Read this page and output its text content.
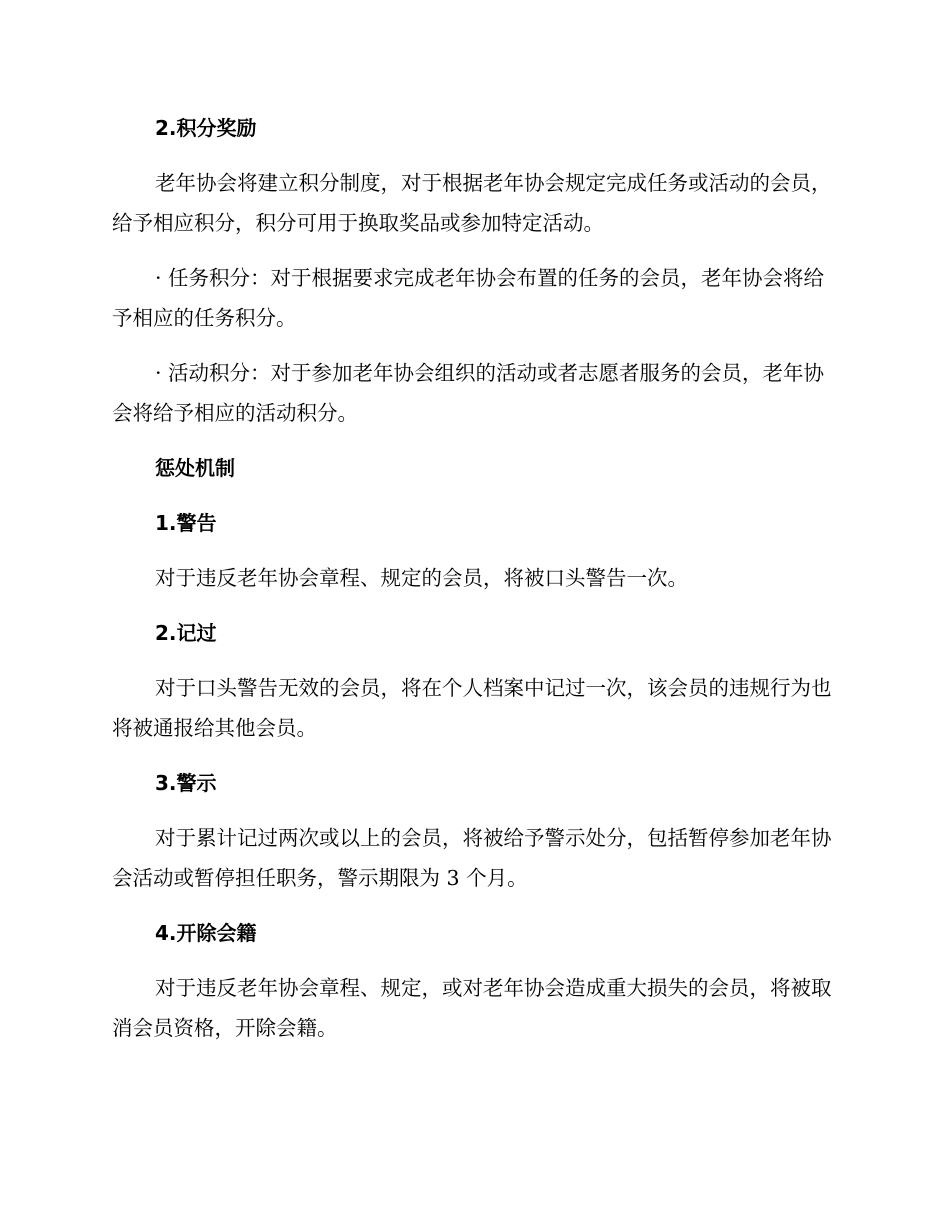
2.积分奖励

老年协会将建立积分制度，对于根据老年协会规定完成任务或活动的会员，给予相应积分，积分可用于换取奖品或参加特定活动。

· 任务积分：对于根据要求完成老年协会布置的任务的会员，老年协会将给予相应的任务积分。

· 活动积分：对于参加老年协会组织的活动或者志愿者服务的会员，老年协会将给予相应的活动积分。

惩处机制
1.警告

对于违反老年协会章程、规定的会员，将被口头警告一次。

2.记过

对于口头警告无效的会员，将在个人档案中记过一次，该会员的违规行为也将被通报给其他会员。

3.警示

对于累计记过两次或以上的会员，将被给予警示处分，包括暂停参加老年协会活动或暂停担任职务，警示期限为 3 个月。

4.开除会籍

对于违反老年协会章程、规定，或对老年协会造成重大损失的会员，将被取消会员资格，开除会籍。
